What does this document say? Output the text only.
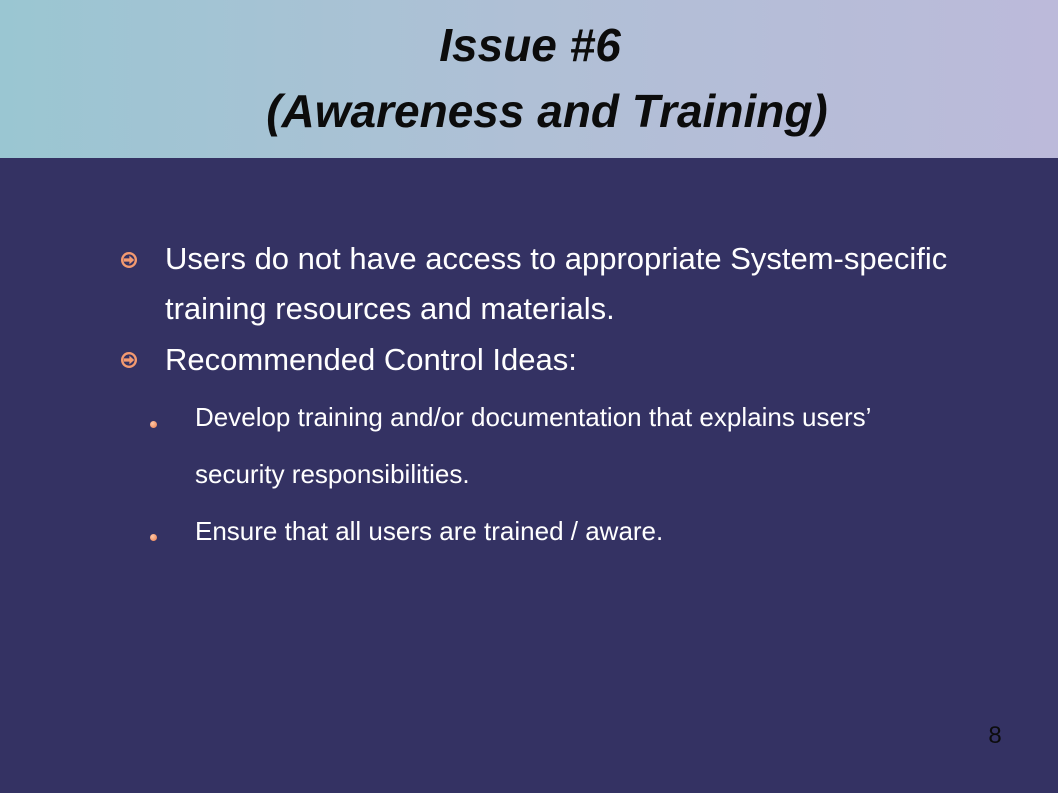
Issue #6
(Awareness and Training)
Users do not have access to appropriate System-specific training resources and materials.
Recommended Control Ideas:
Develop training and/or documentation that explains users’ security responsibilities.
Ensure that all users are trained / aware.
8
